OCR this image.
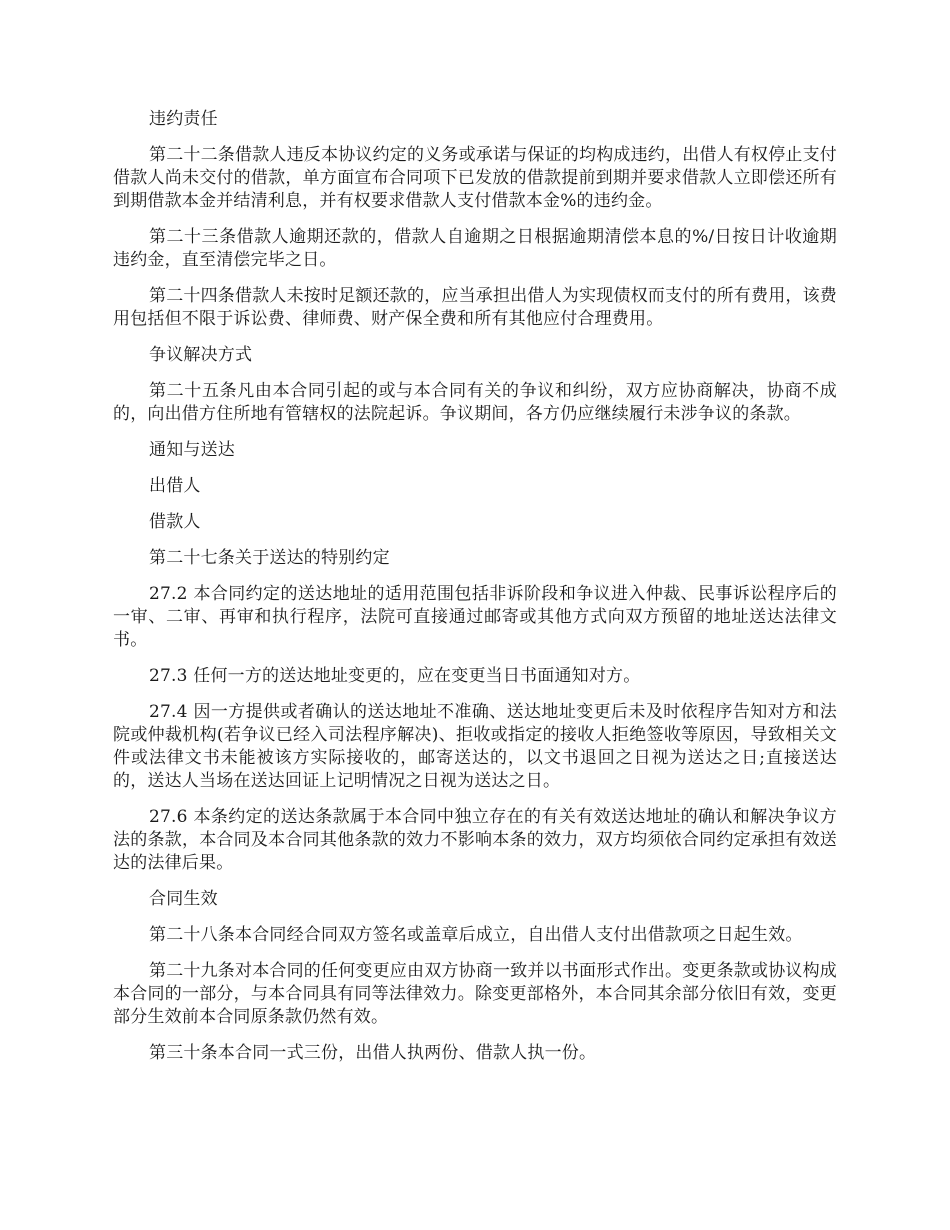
违约责任

第二十二条借款人违反本协议约定的义务或承诺与保证的均构成违约，出借人有权停止支付借款人尚未交付的借款，单方面宣布合同项下已发放的借款提前到期并要求借款人立即偿还所有到期借款本金并结清利息，并有权要求借款人支付借款本金%的违约金。

第二十三条借款人逾期还款的，借款人自逾期之日根据逾期清偿本息的%/日按日计收逾期违约金，直至清偿完毕之日。

第二十四条借款人未按时足额还款的，应当承担出借人为实现债权而支付的所有费用，该费用包括但不限于诉讼费、律师费、财产保全费和所有其他应付合理费用。

争议解决方式

第二十五条凡由本合同引起的或与本合同有关的争议和纠纷，双方应协商解决，协商不成的，向出借方住所地有管辖权的法院起诉。争议期间，各方仍应继续履行未涉争议的条款。

通知与送达

出借人

借款人

第二十七条关于送达的特别约定

27.2 本合同约定的送达地址的适用范围包括非诉阶段和争议进入仲裁、民事诉讼程序后的一审、二审、再审和执行程序，法院可直接通过邮寄或其他方式向双方预留的地址送达法律文书。

27.3 任何一方的送达地址变更的，应在变更当日书面通知对方。

27.4 因一方提供或者确认的送达地址不准确、送达地址变更后未及时依程序告知对方和法院或仲裁机构(若争议已经入司法程序解决)、拒收或指定的接收人拒绝签收等原因，导致相关文件或法律文书未能被该方实际接收的，邮寄送达的，以文书退回之日视为送达之日;直接送达的，送达人当场在送达回证上记明情况之日视为送达之日。

27.6 本条约定的送达条款属于本合同中独立存在的有关有效送达地址的确认和解决争议方法的条款，本合同及本合同其他条款的效力不影响本条的效力，双方均须依合同约定承担有效送达的法律后果。

合同生效

第二十八条本合同经合同双方签名或盖章后成立，自出借人支付出借款项之日起生效。

第二十九条对本合同的任何变更应由双方协商一致并以书面形式作出。变更条款或协议构成本合同的一部分，与本合同具有同等法律效力。除变更部格外，本合同其余部分依旧有效，变更部分生效前本合同原条款仍然有效。

第三十条本合同一式三份，出借人执两份、借款人执一份。
